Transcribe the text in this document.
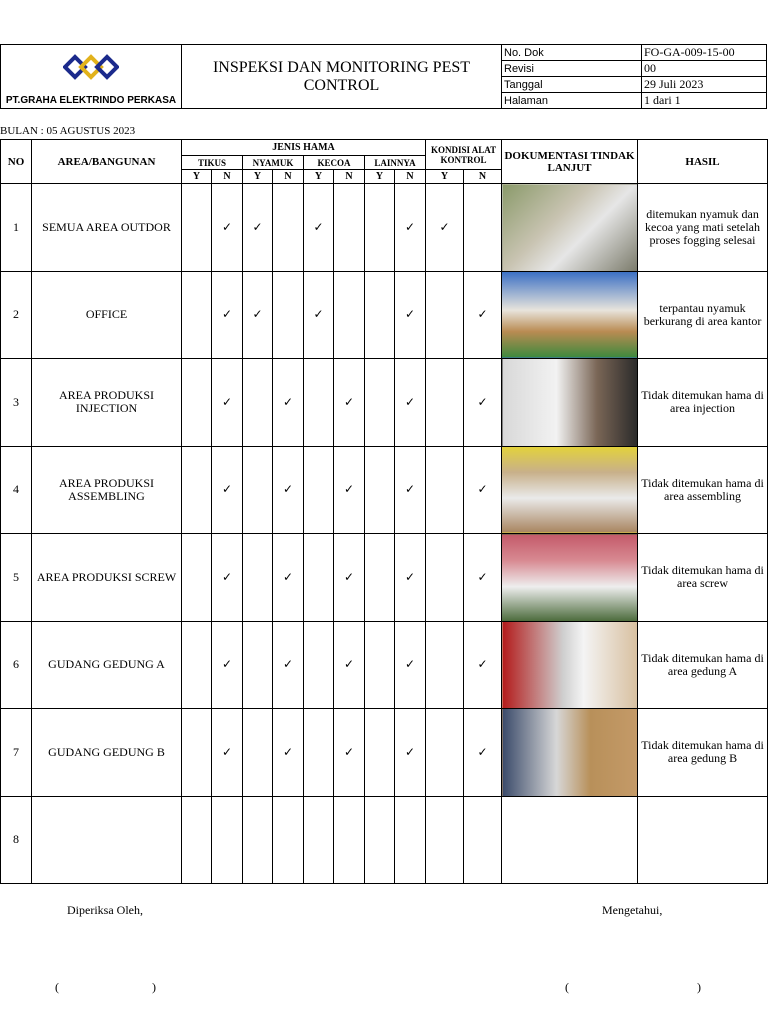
PT.GRAHA ELEKTRINDO PERKASA	INSPEKSI DAN MONITORING PEST CONTROL	No. Dok	FO-GA-009-15-00
		Revisi	00
		Tanggal	29 Juli 2023
		Halaman	1 dari 1
BULAN : 05 AGUSTUS 2023
NO	AREA/BANGUNAN	JENIS HAMA								KONDISI ALAT KONTROL		DOKUMENTASI TINDAK LANJUT	HASIL
		TIKUS		NYAMUK		KECOA		LAINNYA					
		Y	N	Y	N	Y	N	Y	N	Y	N		
1	SEMUA AREA OUTDOR		✓	✓		✓			✓	✓			ditemukan nyamuk dan kecoa yang mati setelah proses fogging selesai
2	OFFICE		✓	✓		✓			✓		✓		terpantau nyamuk berkurang di area kantor
3	AREA PRODUKSI INJECTION		✓		✓		✓		✓		✓		Tidak ditemukan hama di area injection
4	AREA PRODUKSI ASSEMBLING		✓		✓		✓		✓		✓		Tidak ditemukan hama di area assembling
5	AREA PRODUKSI SCREW		✓		✓		✓		✓		✓		Tidak ditemukan hama di area screw
6	GUDANG GEDUNG A		✓		✓		✓		✓		✓		Tidak ditemukan hama di area gedung A
7	GUDANG GEDUNG B		✓		✓		✓		✓		✓		Tidak ditemukan hama di area gedung B
8													
Diperiksa Oleh,	Mengetahui,
(	)	(	)
